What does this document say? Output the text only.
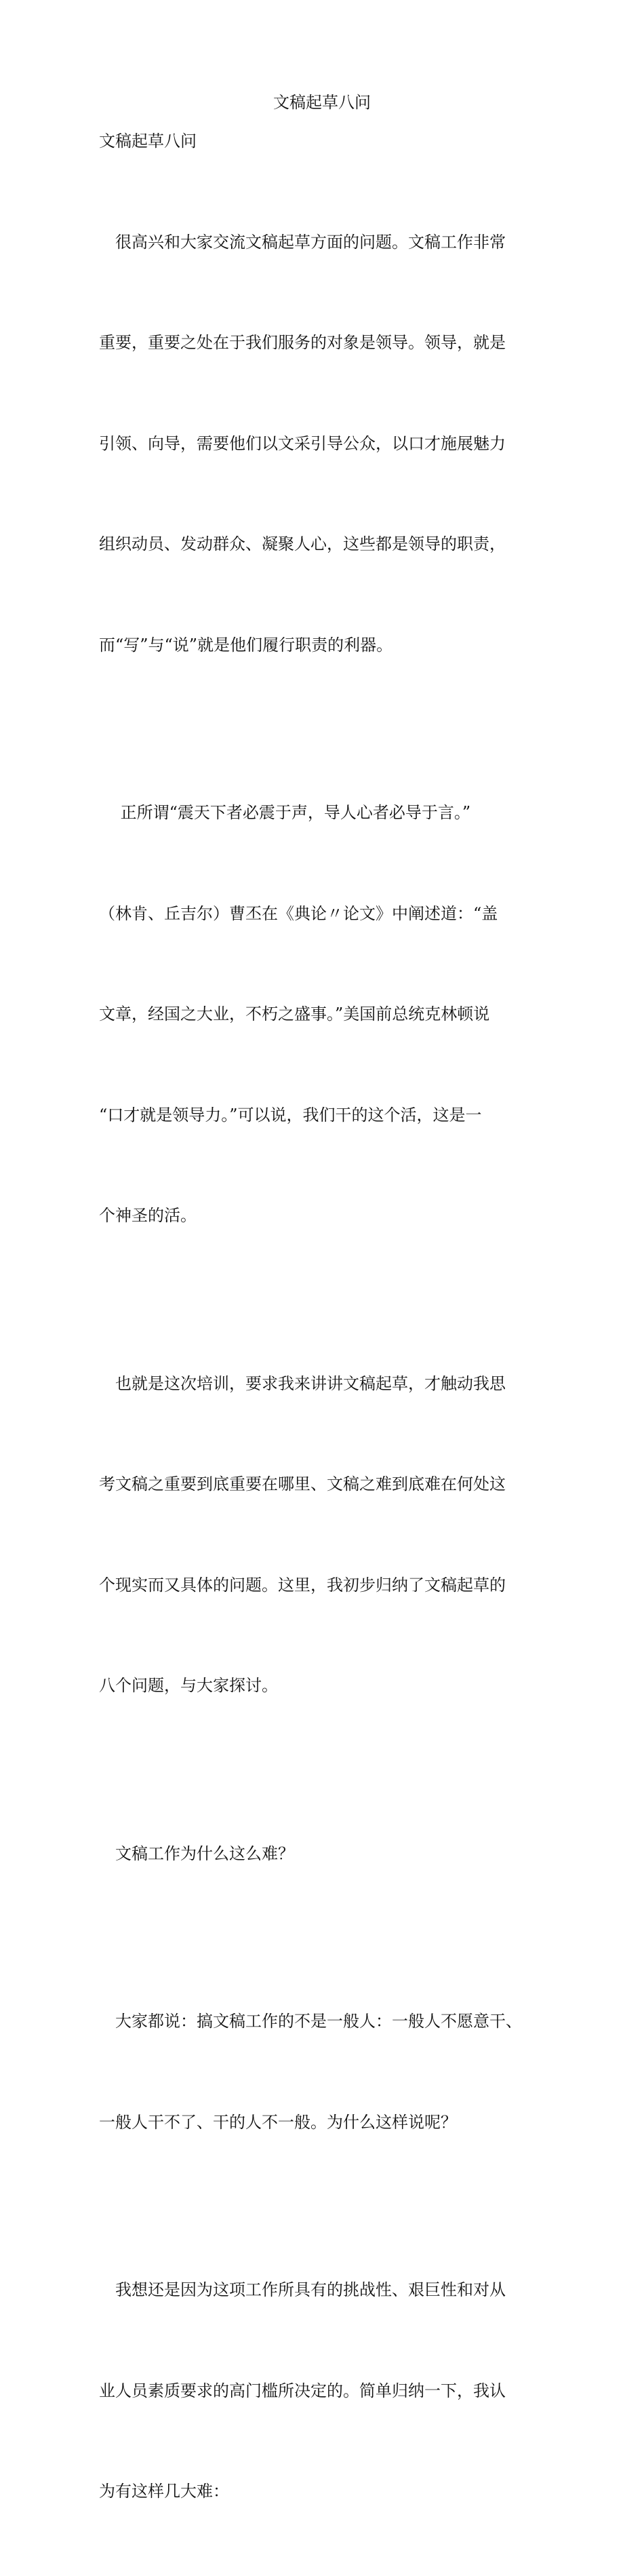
文稿起草八问

文稿起草八问

　很高兴和大家交流文稿起草方面的问题。文稿工作非常

重要，重要之处在于我们服务的对象是领导。领导，就是

引领、向导，需要他们以文采引导公众，以口才施展魅力

组织动员、发动群众、凝聚人心，这些都是领导的职责，

而“写”与“说”就是他们履行职责的利器。

　 正所谓“震天下者必震于声，导人心者必导于言。”

（林肯、丘吉尔）曹丕在《典论〃论文》中阐述道：“盖

文章，经国之大业，不朽之盛事。”美国前总统克林顿说

“口才就是领导力。”可以说，我们干的这个活，这是一

个神圣的活。

　也就是这次培训，要求我来讲讲文稿起草，才触动我思

考文稿之重要到底重要在哪里、文稿之难到底难在何处这

个现实而又具体的问题。这里，我初步归纳了文稿起草的

八个问题，与大家探讨。

　文稿工作为什么这么难？

　大家都说：搞文稿工作的不是一般人：一般人不愿意干、

一般人干不了、干的人不一般。为什么这样说呢？

　我想还是因为这项工作所具有的挑战性、艰巨性和对从

业人员素质要求的高门槛所决定的。简单归纳一下，我认

为有这样几大难：
